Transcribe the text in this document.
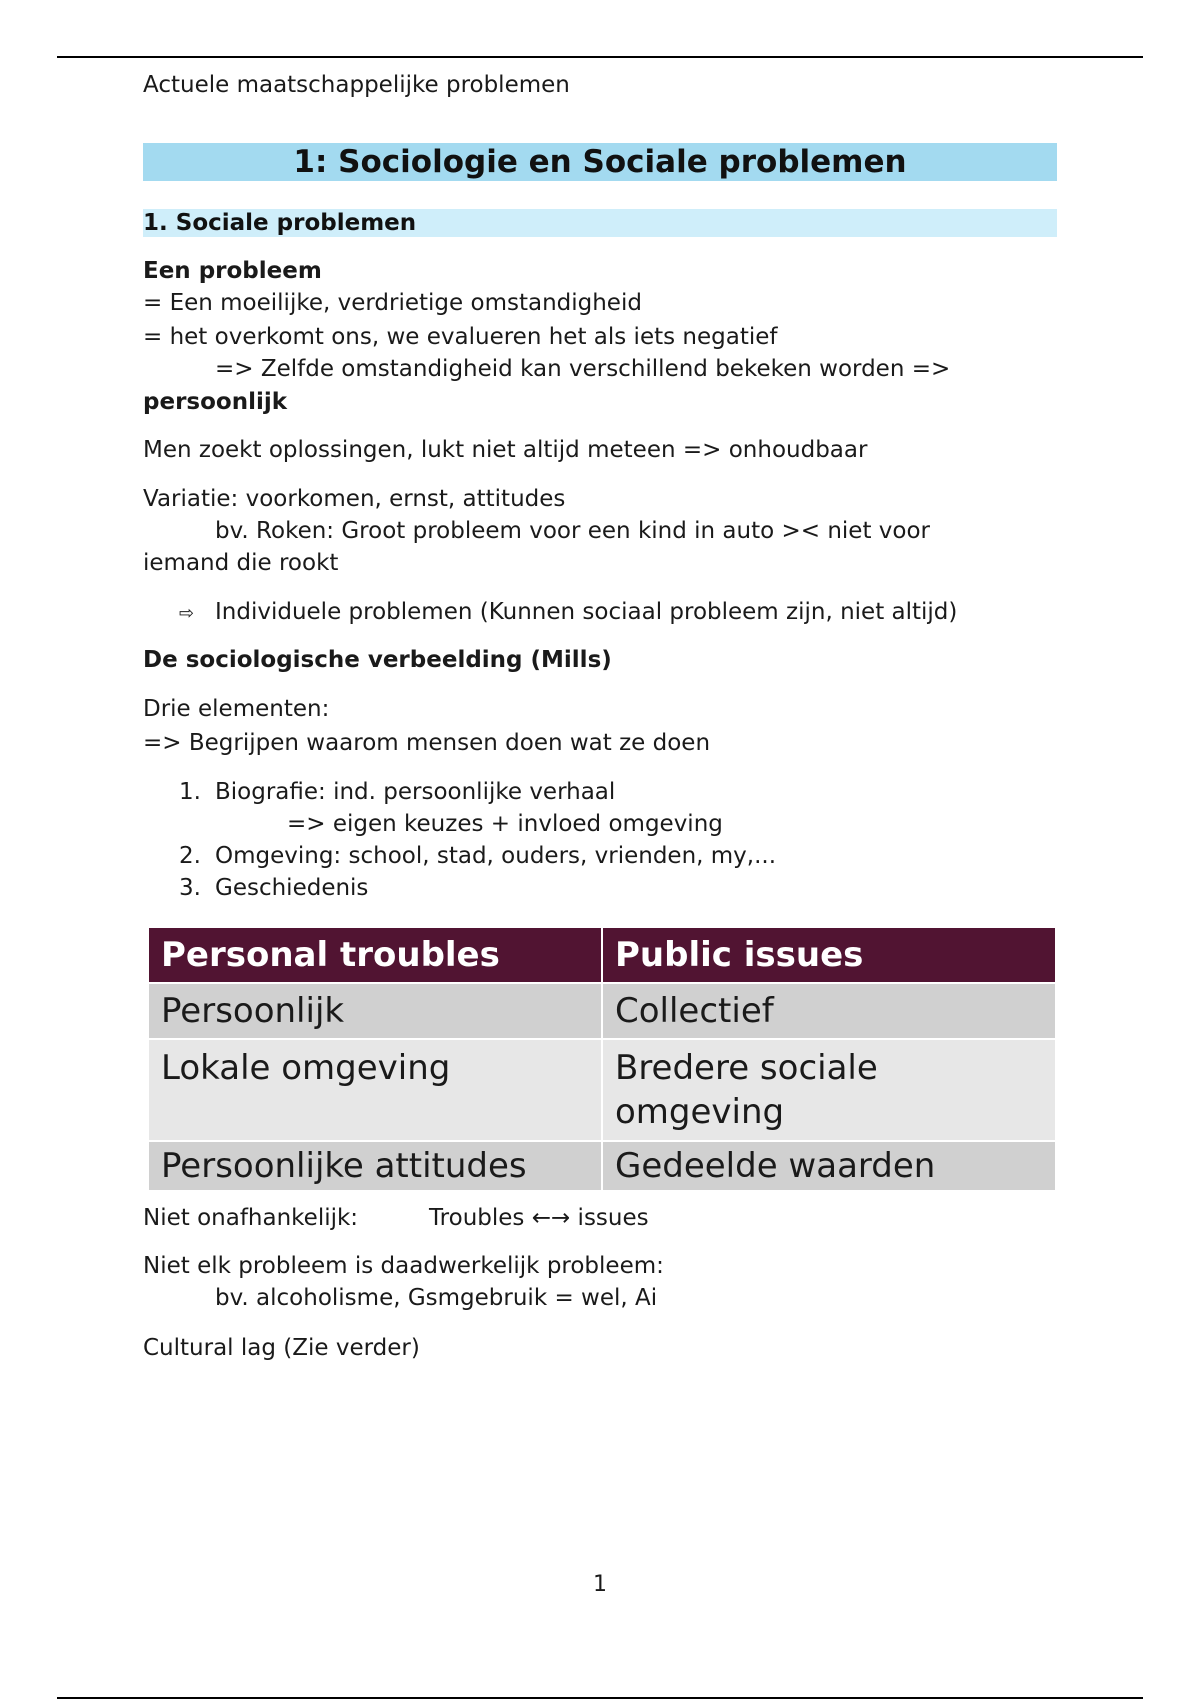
Actuele maatschappelijke problemen
1: Sociologie en Sociale problemen
1. Sociale problemen
Een probleem
= Een moeilijke, verdrietige omstandigheid
= het overkomt ons, we evalueren het als iets negatief
=> Zelfde omstandigheid kan verschillend bekeken worden =>
persoonlijk
Men zoekt oplossingen, lukt niet altijd meteen => onhoudbaar
Variatie: voorkomen, ernst, attitudes
bv. Roken: Groot probleem voor een kind in auto >< niet voor
iemand die rookt
⇨ Individuele problemen (Kunnen sociaal probleem zijn, niet altijd)
De sociologische verbeelding (Mills)
Drie elementen:
=> Begrijpen waarom mensen doen wat ze doen
1. Biografie: ind. persoonlijke verhaal
=> eigen keuzes + invloed omgeving
2. Omgeving: school, stad, ouders, vrienden, my,...
3. Geschiedenis
Personal troubles	Public issues
Persoonlijk	Collectief
Lokale omgeving	Bredere sociale omgeving
Persoonlijke attitudes	Gedeelde waarden
Niet onafhankelijk:	Troubles ←→ issues
Niet elk probleem is daadwerkelijk probleem:
bv. alcoholisme, Gsmgebruik = wel, Ai
Cultural lag (Zie verder)
1
